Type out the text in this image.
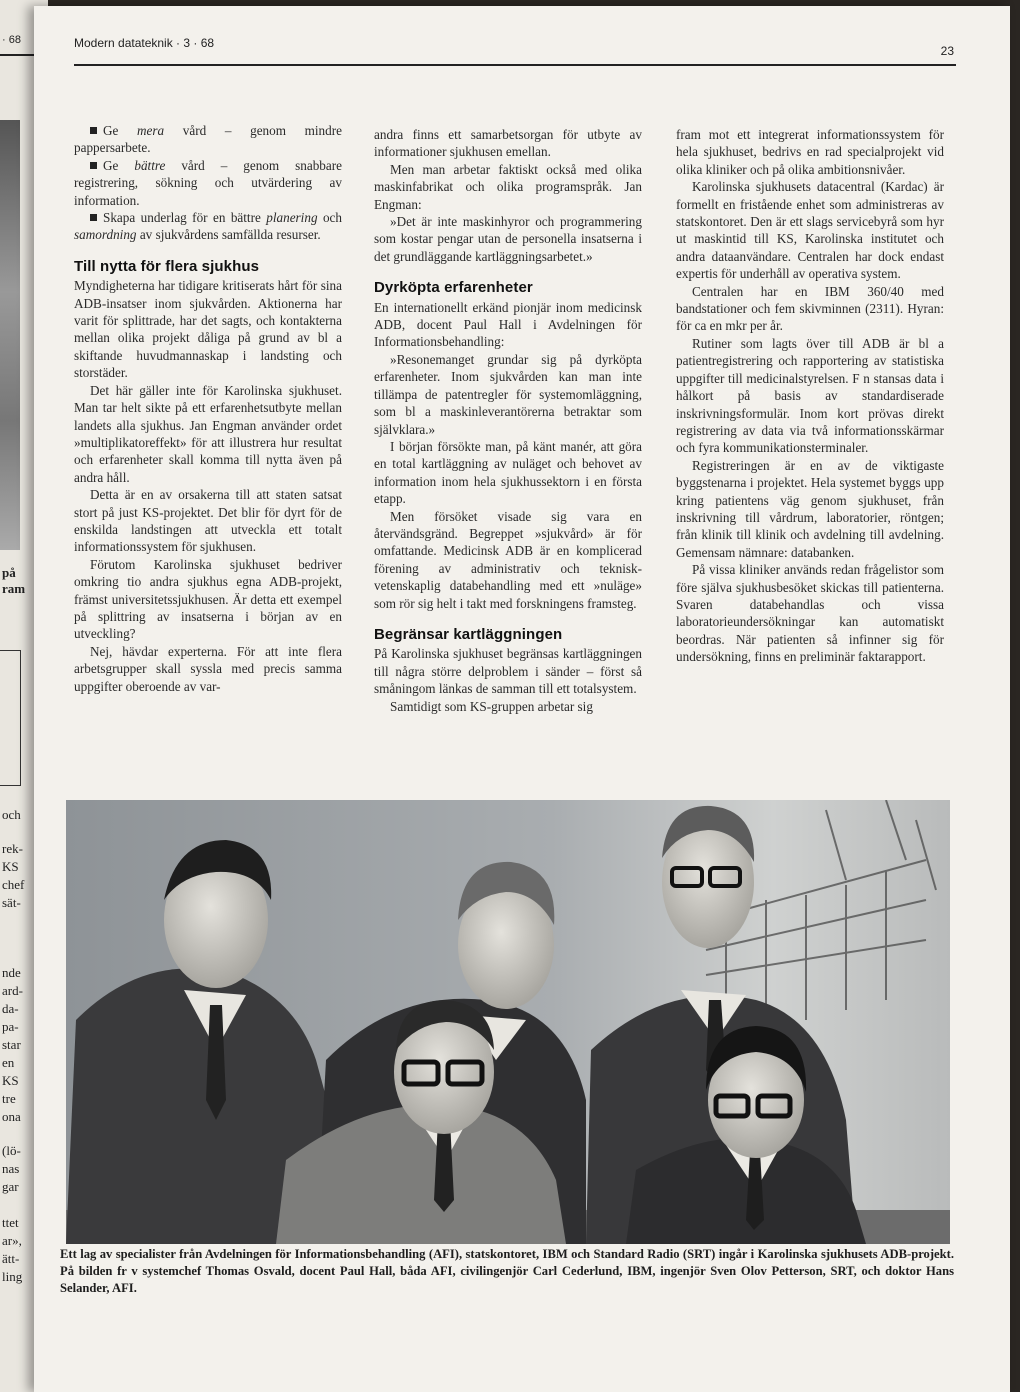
· 68
på
ram
och
rek-
KS
chef
sät-
nde
ard-
da-
pa-
star
en
KS
tre
ona
(lö-
nas
gar
ttet
ar»,
ätt-
ling
Modern datateknik · 3 · 68
23

Ge mera vård – genom mindre pappersarbete.

Ge bättre vård – genom snabbare registrering, sökning och utvärdering av information.

Skapa underlag för en bättre planering och samordning av sjukvårdens samfällda resurser.

Till nytta för flera sjukhus

Myndigheterna har tidigare kritiserats hårt för sina ADB-insatser inom sjukvården. Aktionerna har varit för splittrade, har det sagts, och kontakterna mellan olika projekt dåliga på grund av bl a skiftande huvudmannaskap i landsting och storstäder.

Det här gäller inte för Karolinska sjukhuset. Man tar helt sikte på ett erfarenhetsutbyte mellan landets alla sjukhus. Jan Engman använder ordet »multiplikatoreffekt» för att illustrera hur resultat och erfarenheter skall komma till nytta även på andra håll.

Detta är en av orsakerna till att staten satsat stort på just KS-projektet. Det blir för dyrt för de enskilda landstingen att utveckla ett totalt informationssystem för sjukhusen.

Förutom Karolinska sjukhuset bedriver omkring tio andra sjukhus egna ADB-projekt, främst universitetssjukhusen. Är detta ett exempel på splittring av insatserna i början av en utveckling?

Nej, hävdar experterna. För att inte flera arbetsgrupper skall syssla med precis samma uppgifter oberoende av var-

andra finns ett samarbetsorgan för utbyte av informationer sjukhusen emellan.

Men man arbetar faktiskt också med olika maskinfabrikat och olika programspråk. Jan Engman:

»Det är inte maskinhyror och programmering som kostar pengar utan de personella insatserna i det grundläggande kartläggningsarbetet.»

Dyrköpta erfarenheter

En internationellt erkänd pionjär inom medicinsk ADB, docent Paul Hall i Avdelningen för Informationsbehandling:

»Resonemanget grundar sig på dyrköpta erfarenheter. Inom sjukvården kan man inte tillämpa de patentregler för systemomläggning, som bl a maskinleverantörerna betraktar som självklara.»

I början försökte man, på känt manér, att göra en total kartläggning av nuläget och behovet av information inom hela sjukhussektorn i en första etapp.

Men försöket visade sig vara en återvändsgränd. Begreppet »sjukvård» är för omfattande. Medicinsk ADB är en komplicerad förening av administrativ och teknisk-vetenskaplig databehandling med ett »nuläge» som rör sig helt i takt med forskningens framsteg.

Begränsar kartläggningen

På Karolinska sjukhuset begränsas kartläggningen till några större delproblem i sänder – först så småningom länkas de samman till ett totalsystem.

Samtidigt som KS-gruppen arbetar sig

fram mot ett integrerat informationssystem för hela sjukhuset, bedrivs en rad specialprojekt vid olika kliniker och på olika ambitionsnivåer.

Karolinska sjukhusets datacentral (Kardac) är formellt en fristående enhet som administreras av statskontoret. Den är ett slags servicebyrå som hyr ut maskintid till KS, Karolinska institutet och andra dataanvändare. Centralen har dock endast expertis för underhåll av operativa system.

Centralen har en IBM 360/40 med bandstationer och fem skivminnen (2311). Hyran: för ca en mkr per år.

Rutiner som lagts över till ADB är bl a patientregistrering och rapportering av statistiska uppgifter till medicinalstyrelsen. F n stansas data i hålkort på basis av standardiserade inskrivningsformulär. Inom kort prövas direkt registrering av data via två informationsskärmar och fyra kommunikationsterminaler.

Registreringen är en av de viktigaste byggstenarna i projektet. Hela systemet byggs upp kring patientens väg genom sjukhuset, från inskrivning till vårdrum, laboratorier, röntgen; från klinik till klinik och avdelning till avdelning. Gemensam nämnare: databanken.

På vissa kliniker används redan frågelistor som före själva sjukhusbesöket skickas till patienterna. Svaren databehandlas och vissa laboratorieundersökningar kan automatiskt beordras. När patienten så infinner sig för undersökning, finns en preliminär faktarapport.

Ett lag av specialister från Avdelningen för Informationsbehandling (AFI), statskontoret, IBM och Standard Radio (SRT) ingår i Karolinska sjukhusets ADB-projekt. På bilden fr v systemchef Thomas Osvald, docent Paul Hall, båda AFI, civilingenjör Carl Cederlund, IBM, ingenjör Sven Olov Petterson, SRT, och doktor Hans Selander, AFI.
